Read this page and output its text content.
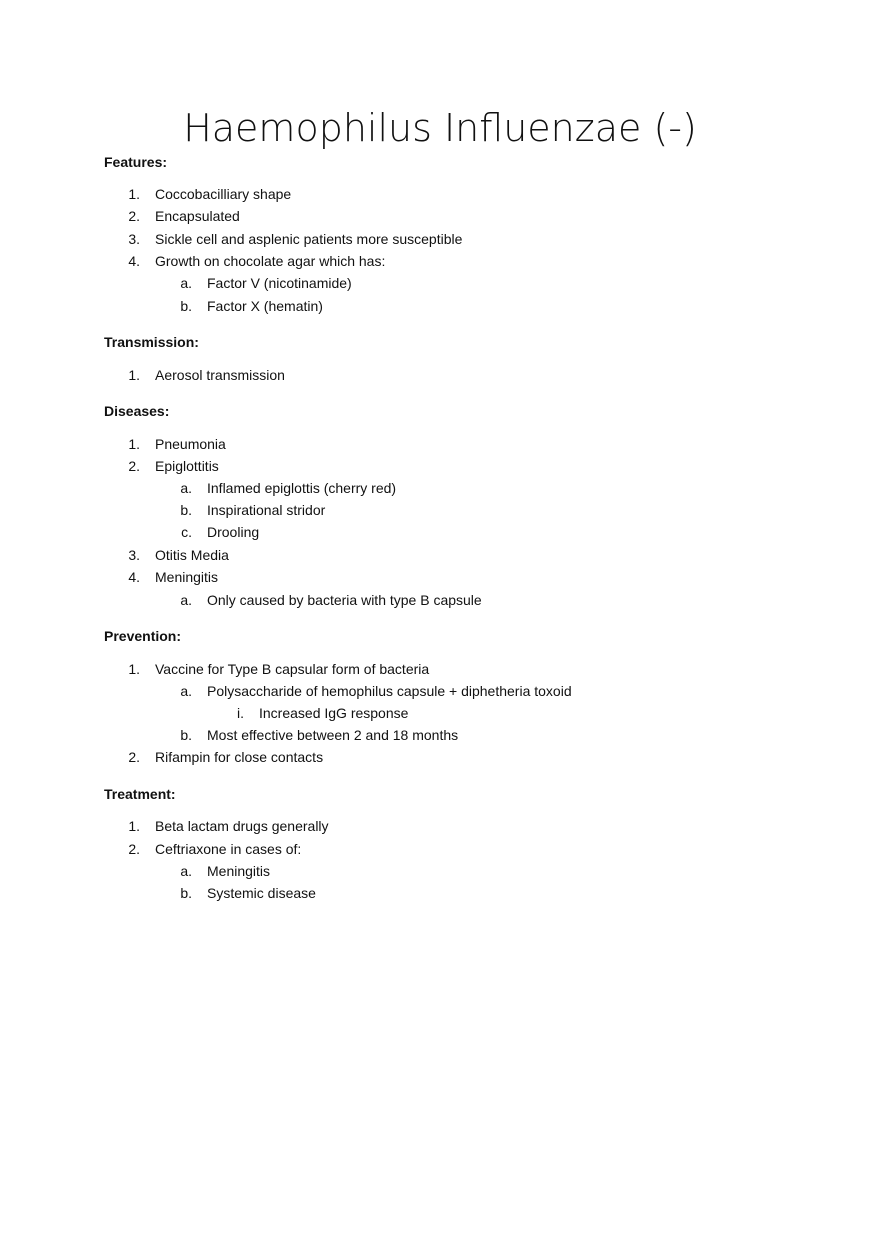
Haemophilus Influenzae (-)
Features:
1. Coccobacilliary shape
2. Encapsulated
3. Sickle cell and asplenic patients more susceptible
4. Growth on chocolate agar which has:
a. Factor V (nicotinamide)
b. Factor X (hematin)
Transmission:
1. Aerosol transmission
Diseases:
1. Pneumonia
2. Epiglottitis
a. Inflamed epiglottis (cherry red)
b. Inspirational stridor
c. Drooling
3. Otitis Media
4. Meningitis
a. Only caused by bacteria with type B capsule
Prevention:
1. Vaccine for Type B capsular form of bacteria
a. Polysaccharide of hemophilus capsule + diphetheria toxoid
i. Increased IgG response
b. Most effective between 2 and 18 months
2. Rifampin for close contacts
Treatment:
1. Beta lactam drugs generally
2. Ceftriaxone in cases of:
a. Meningitis
b. Systemic disease
